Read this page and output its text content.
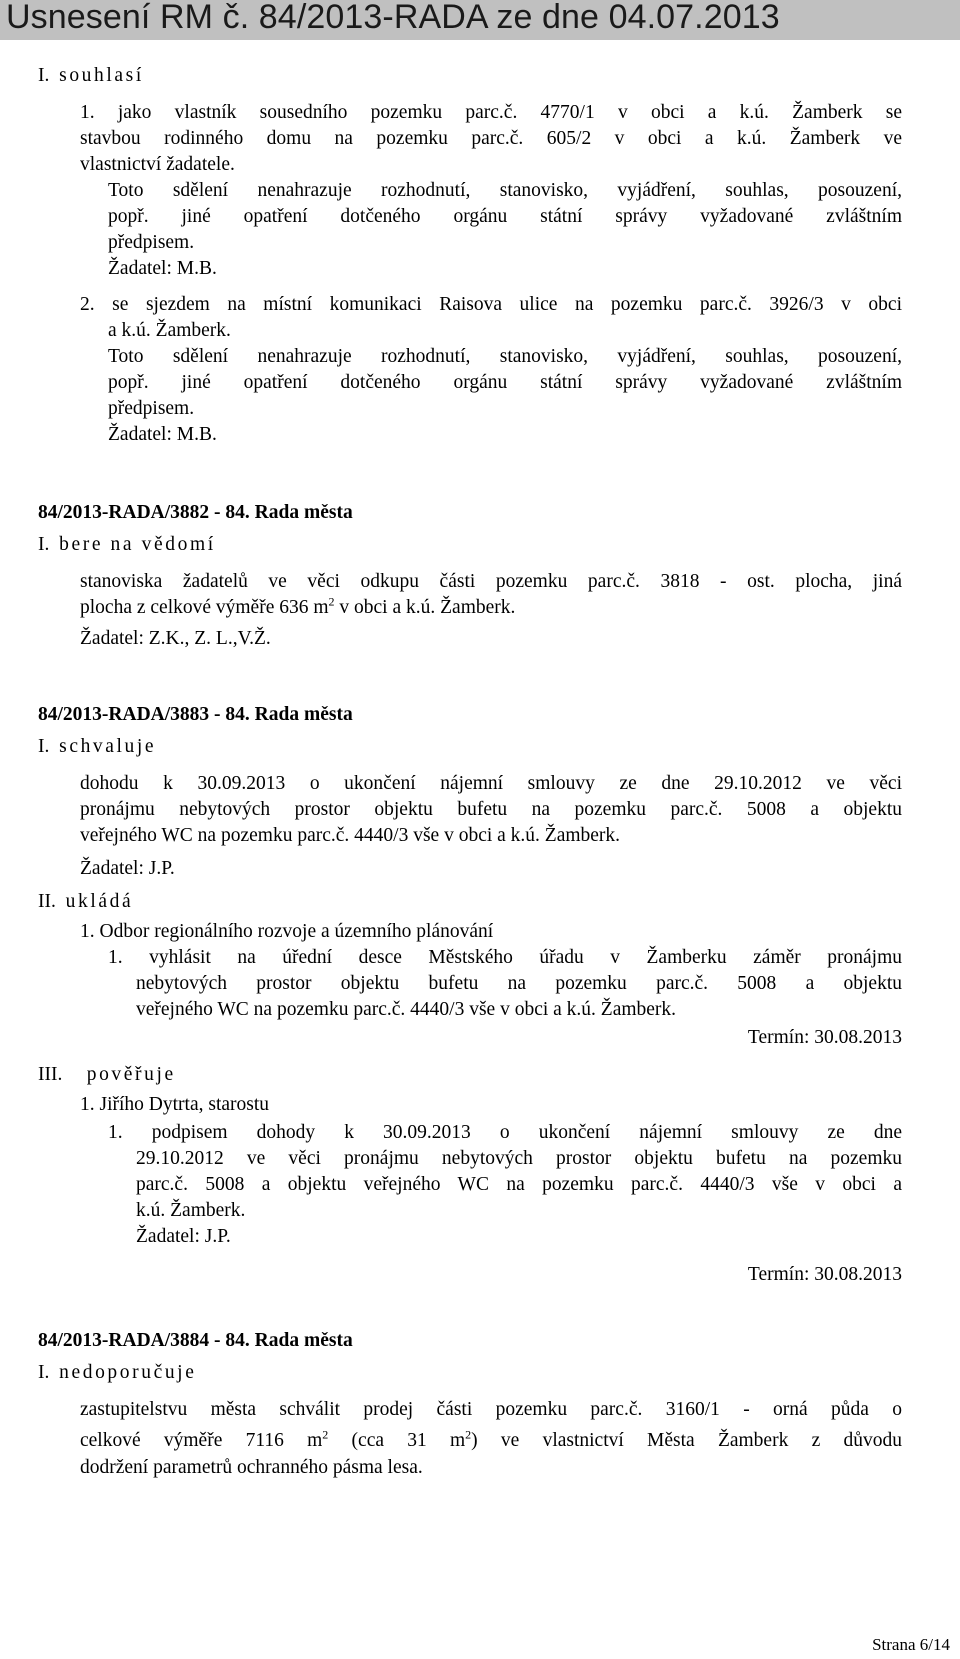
Usnesení RM č. 84/2013-RADA ze dne 04.07.2013
I. souhlasí
1. jako vlastník sousedního pozemku parc.č. 4770/1 v obci a k.ú. Žamberk se
stavbou rodinného domu na pozemku parc.č. 605/2 v obci a k.ú. Žamberk ve
vlastnictví žadatele.
Toto sdělení nenahrazuje rozhodnutí, stanovisko, vyjádření, souhlas, posouzení,
popř. jiné opatření dotčeného orgánu státní správy vyžadované zvláštním
předpisem.
Žadatel: M.B.
2. se sjezdem na místní komunikaci Raisova ulice na pozemku parc.č. 3926/3 v obci
a k.ú. Žamberk.
Toto sdělení nenahrazuje rozhodnutí, stanovisko, vyjádření, souhlas, posouzení,
popř. jiné opatření dotčeného orgánu státní správy vyžadované zvláštním
předpisem.
Žadatel: M.B.
84/2013-RADA/3882 - 84. Rada města
I. bere na vědomí
stanoviska žadatelů ve věci odkupu části pozemku parc.č. 3818 - ost. plocha, jiná
plocha z celkové výměře 636 $m^2$ v obci a k.ú. Žamberk.
Žadatel: Z.K., Z. L.,V.Ž.
84/2013-RADA/3883 - 84. Rada města
I. schvaluje
dohodu k 30.09.2013 o ukončení nájemní smlouvy ze dne 29.10.2012 ve věci
pronájmu nebytových prostor objektu bufetu na pozemku parc.č. 5008 a objektu
veřejného WC na pozemku parc.č. 4440/3 vše v obci a k.ú. Žamberk.
Žadatel: J.P.
II. ukládá
1. Odbor regionálního rozvoje a územního plánování
1. vyhlásit na úřední desce Městského úřadu v Žamberku záměr pronájmu
nebytových prostor objektu bufetu na pozemku parc.č. 5008 a objektu
veřejného WC na pozemku parc.č. 4440/3 vše v obci a k.ú. Žamberk.
Termín: 30.08.2013
III. pověřuje
1. Jiřího Dytrta, starostu
1. podpisem dohody k 30.09.2013 o ukončení nájemní smlouvy ze dne
29.10.2012 ve věci pronájmu nebytových prostor objektu bufetu na pozemku
parc.č. 5008 a objektu veřejného WC na pozemku parc.č. 4440/3 vše v obci a
k.ú. Žamberk.
Žadatel: J.P.
Termín: 30.08.2013
84/2013-RADA/3884 - 84. Rada města
I. nedoporučuje
zastupitelstvu města schválit prodej části pozemku parc.č. 3160/1 - orná půda o
celkové výměře 7116 $m^2$ (cca 31 $m^2$) ve vlastnictví Města Žamberk z důvodu
dodržení parametrů ochranného pásma lesa.
Strana 6/14
